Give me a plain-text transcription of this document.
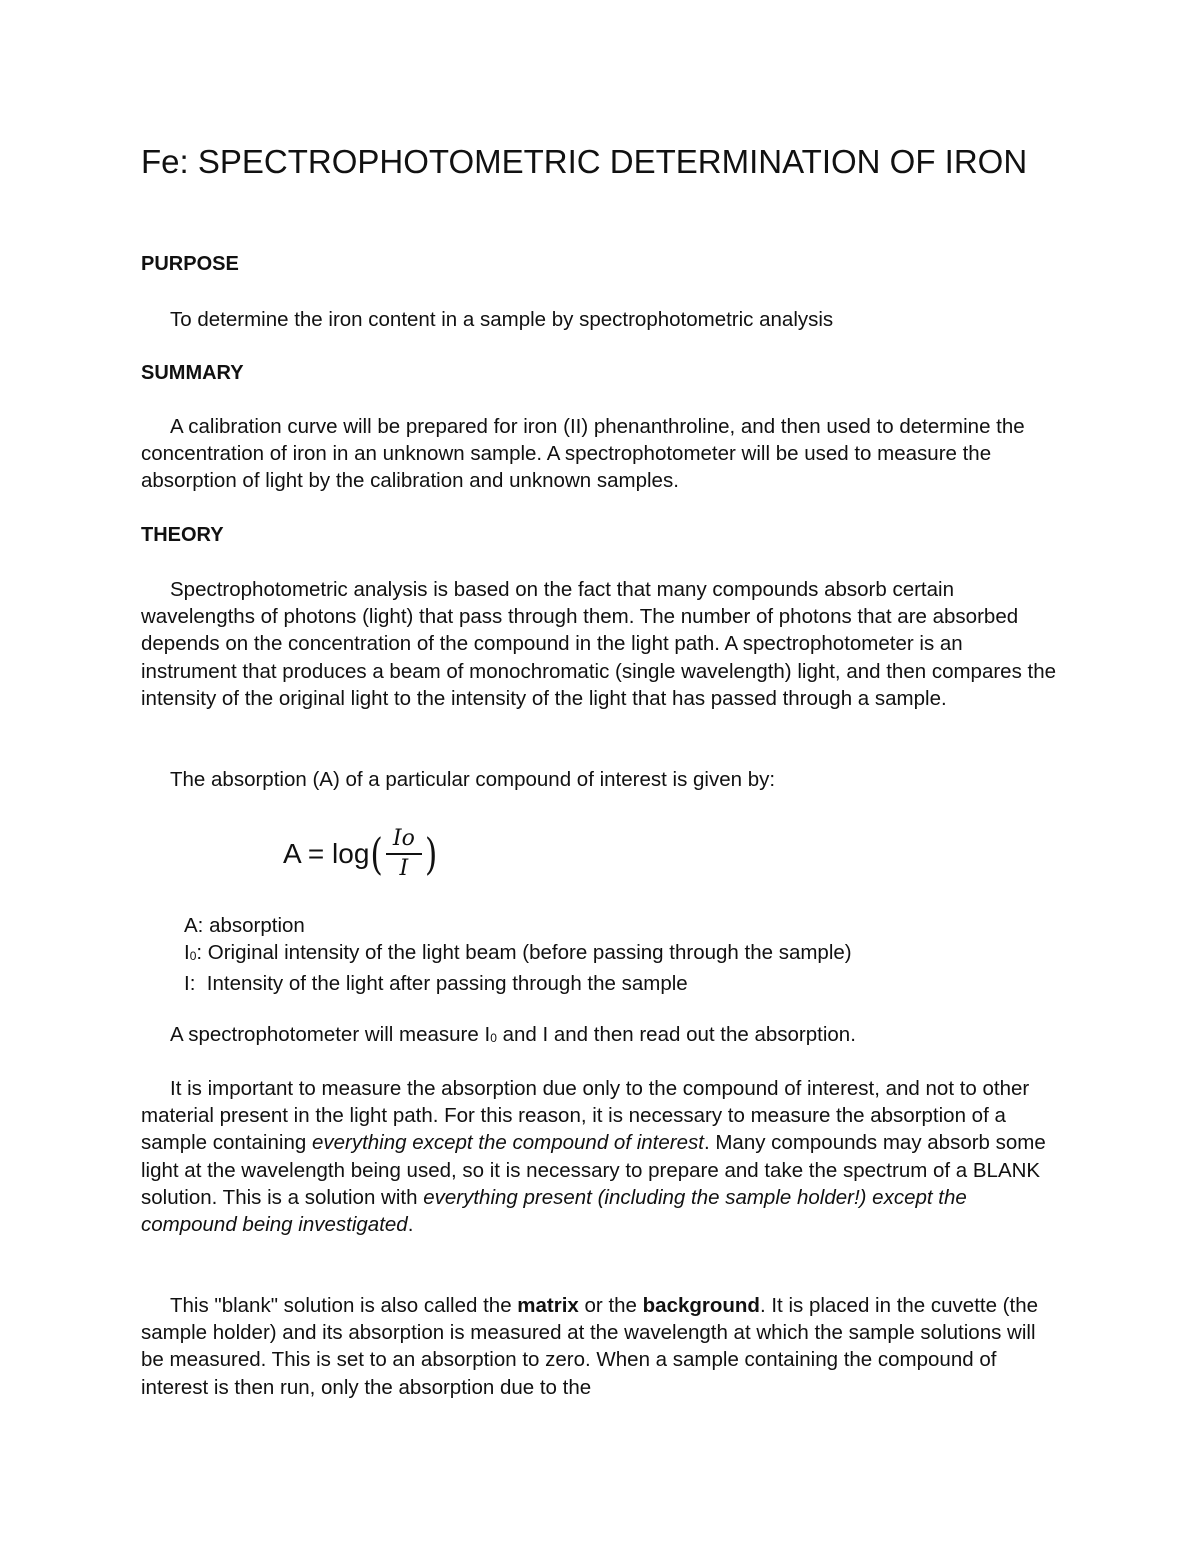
Fe: SPECTROPHOTOMETRIC DETERMINATION OF IRON
PURPOSE

To determine the iron content in a sample by spectrophotometric analysis

SUMMARY

A calibration curve will be prepared for iron (II) phenanthroline, and then used to determine the concentration of iron in an unknown sample. A spectrophotometer will be used to measure the absorption of light by the calibration and unknown samples.

THEORY

Spectrophotometric analysis is based on the fact that many compounds absorb certain wavelengths of photons (light) that pass through them. The number of photons that are absorbed depends on the concentration of the compound in the light path. A spectrophotometer is an instrument that produces a beam of monochromatic (single wavelength) light, and then compares the intensity of the original light to the intensity of the light that has passed through a sample.

The absorption (A) of a particular compound of interest is given by:

A = log ( $\frac{Io}{I}$ )
A: absorption
I0: Original intensity of the light beam (before passing through the sample)
I:  Intensity of the light after passing through the sample

A spectrophotometer will measure I0 and I and then read out the absorption.

It is important to measure the absorption due only to the compound of interest, and not to other material present in the light path. For this reason, it is necessary to measure the absorption of a sample containing everything except the compound of interest. Many compounds may absorb some light at the wavelength being used, so it is necessary to prepare and take the spectrum of a BLANK solution. This is a solution with everything present (including the sample holder!) except the compound being investigated.

This "blank" solution is also called the matrix or the background. It is placed in the cuvette (the sample holder) and its absorption is measured at the wavelength at which the sample solutions will be measured. This is set to an absorption to zero. When a sample containing the compound of interest is then run, only the absorption due to the
